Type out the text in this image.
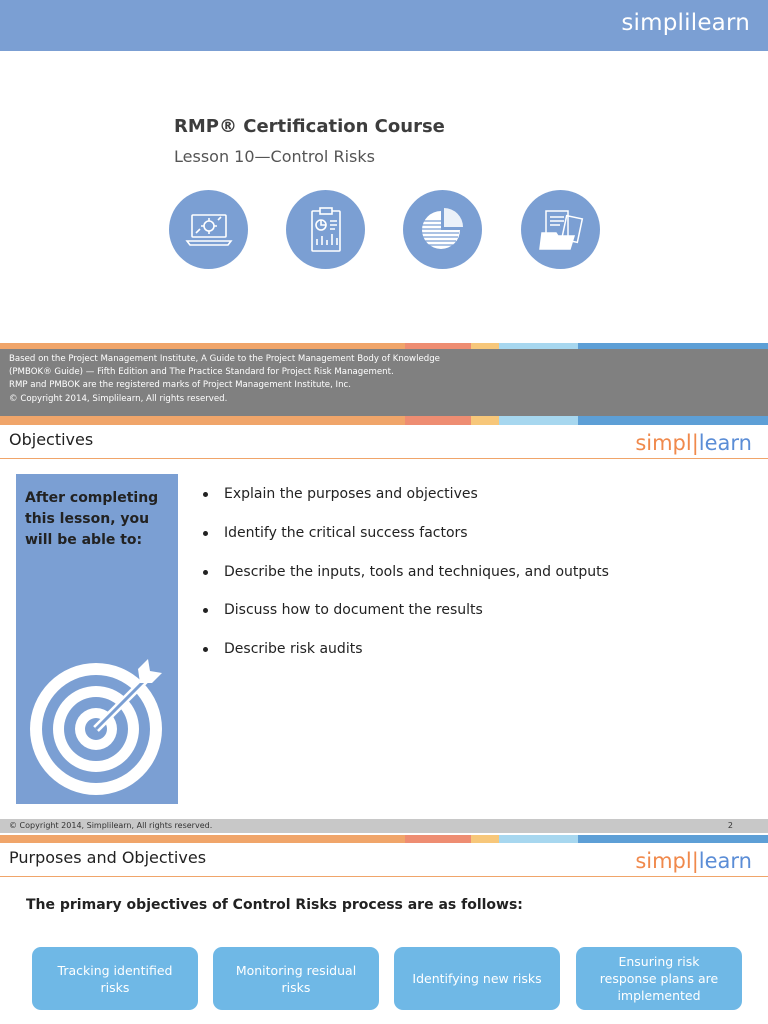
simplilearn
RMP® Certification Course
Lesson 10—Control Risks
Based on the Project Management Institute, A Guide to the Project Management Body of Knowledge
(PMBOK® Guide) — Fifth Edition and The Practice Standard for Project Risk Management.
RMP and PMBOK are the registered marks of Project Management Institute, Inc.
© Copyright 2014, Simplilearn, All rights reserved.
Objectives	simpl|learn
After completing this lesson, you will be able to:
Explain the purposes and objectives
Identify the critical success factors
Describe the inputs, tools and techniques, and outputs
Discuss how to document the results
Describe risk audits
© Copyright 2014, Simplilearn, All rights reserved.	2
Purposes and Objectives	simpl|learn
The primary objectives of Control Risks process are as follows:
Tracking identified risks
Monitoring residual risks
Identifying new risks
Ensuring risk response plans are implemented
